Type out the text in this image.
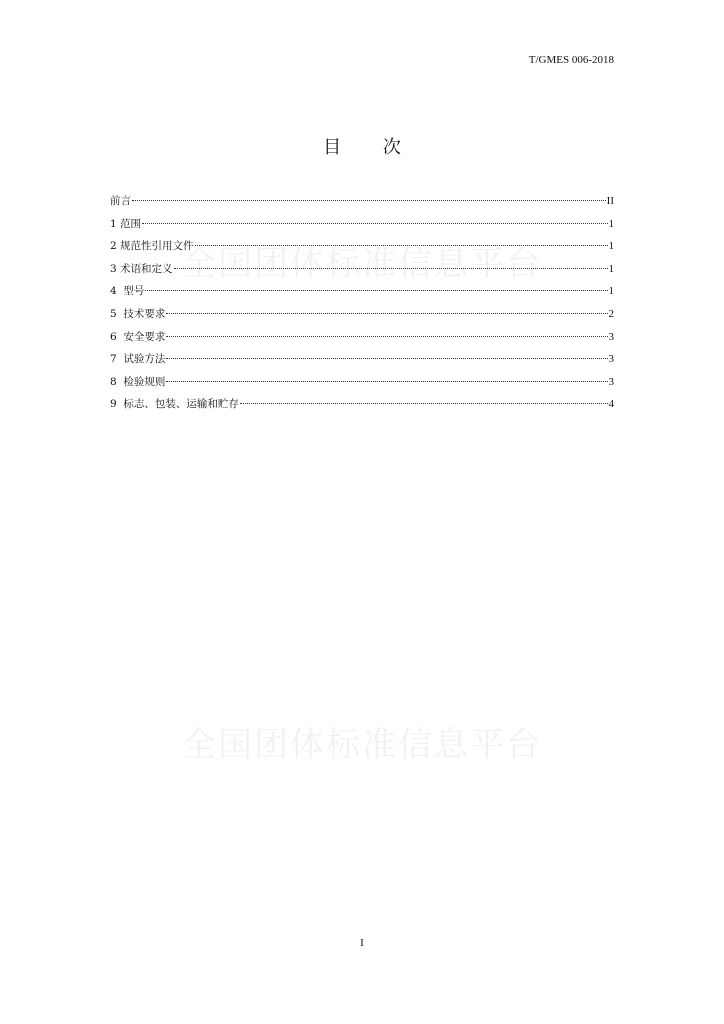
T/GMES 006-2018
全国团体标准信息平台
全国团体标准信息平台
目 次
前言	II
1 范围	1
2 规范性引用文件	1
3 术语和定义	1
4  型号	1
5  技术要求	2
6  安全要求	3
7  试验方法	3
8  检验规则	3
9  标志、包装、运输和贮存	4
I
